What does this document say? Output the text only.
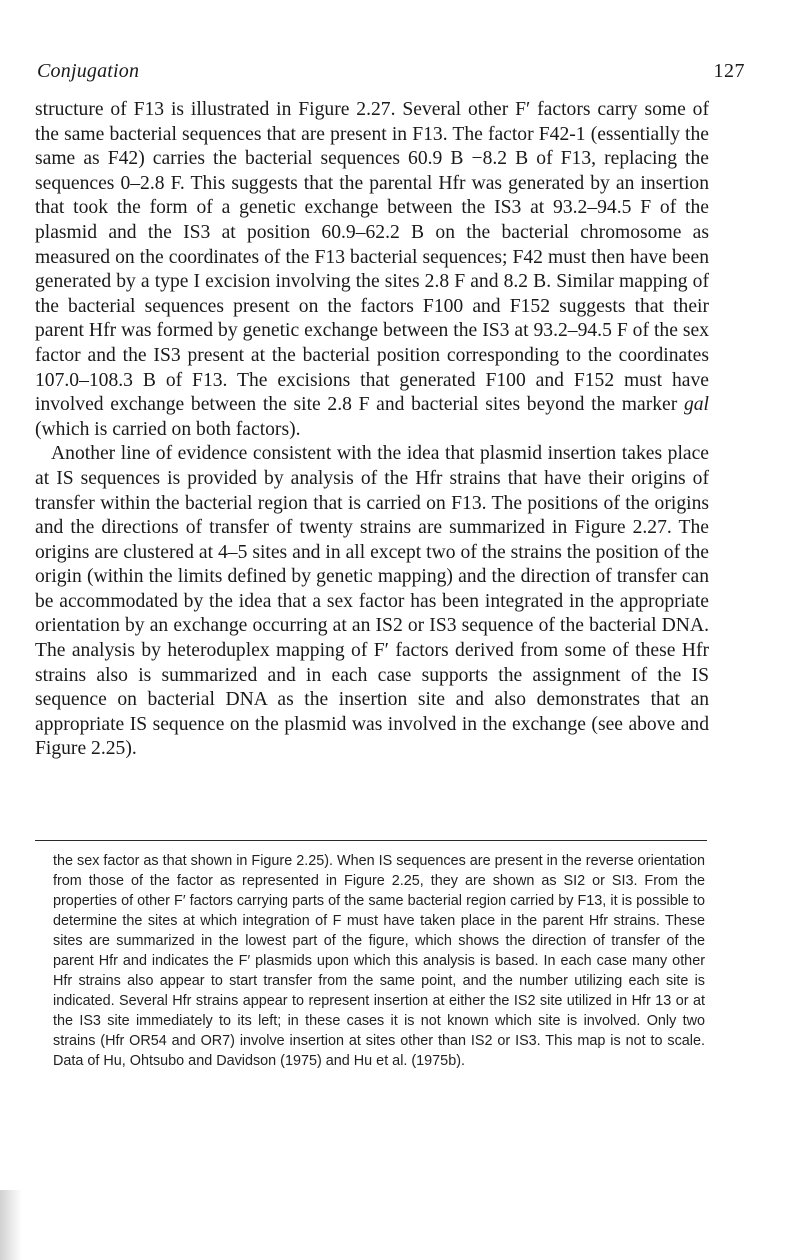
Conjugation	127

structure of F13 is illustrated in Figure 2.27. Several other F′ factors carry some of the same bacterial sequences that are present in F13. The factor F42-1 (essentially the same as F42) carries the bacterial sequences 60.9 B −8.2 B of F13, replacing the sequences 0–2.8 F. This suggests that the parental Hfr was generated by an insertion that took the form of a genetic exchange between the IS3 at 93.2–94.5 F of the plasmid and the IS3 at position 60.9–62.2 B on the bacterial chromosome as measured on the coordinates of the F13 bacterial sequences; F42 must then have been generated by a type I excision involving the sites 2.8 F and 8.2 B. Similar mapping of the bacterial sequences present on the factors F100 and F152 suggests that their parent Hfr was formed by genetic exchange between the IS3 at 93.2–94.5 F of the sex factor and the IS3 present at the bacterial position corresponding to the coordinates 107.0–108.3 B of F13. The excisions that generated F100 and F152 must have involved exchange between the site 2.8 F and bacterial sites beyond the marker gal (which is carried on both factors).

Another line of evidence consistent with the idea that plasmid insertion takes place at IS sequences is provided by analysis of the Hfr strains that have their origins of transfer within the bacterial region that is carried on F13. The positions of the origins and the directions of transfer of twenty strains are summarized in Figure 2.27. The origins are clustered at 4–5 sites and in all except two of the strains the position of the origin (within the limits defined by genetic mapping) and the direction of transfer can be accommodated by the idea that a sex factor has been integrated in the appropriate orientation by an exchange occurring at an IS2 or IS3 sequence of the bacterial DNA. The analysis by heteroduplex mapping of F′ factors derived from some of these Hfr strains also is summarized and in each case supports the assignment of the IS sequence on bacterial DNA as the insertion site and also demonstrates that an appropriate IS sequence on the plasmid was involved in the exchange (see above and Figure 2.25).

the sex factor as that shown in Figure 2.25). When IS sequences are present in the reverse orientation from those of the factor as represented in Figure 2.25, they are shown as SI2 or SI3. From the properties of other F′ factors carrying parts of the same bacterial region carried by F13, it is possible to determine the sites at which integration of F must have taken place in the parent Hfr strains. These sites are summarized in the lowest part of the figure, which shows the direction of transfer of the parent Hfr and indicates the F′ plasmids upon which this analysis is based. In each case many other Hfr strains also appear to start transfer from the same point, and the number utilizing each site is indicated. Several Hfr strains appear to represent insertion at either the IS2 site utilized in Hfr 13 or at the IS3 site immediately to its left; in these cases it is not known which site is involved. Only two strains (Hfr OR54 and OR7) involve insertion at sites other than IS2 or IS3. This map is not to scale. Data of Hu, Ohtsubo and Davidson (1975) and Hu et al. (1975b).
